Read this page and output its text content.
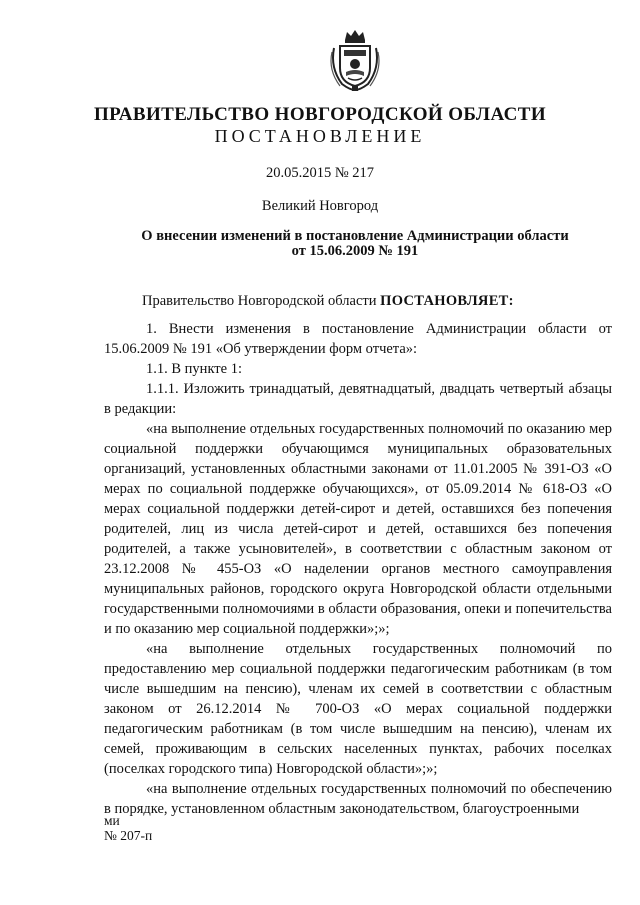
ПРАВИТЕЛЬСТВО НОВГОРОДСКОЙ ОБЛАСТИ
ПОСТАНОВЛЕНИЕ
20.05.2015 № 217
Великий Новгород
О внесении изменений в постановление Администрации области
от 15.06.2009 № 191

Правительство Новгородской области ПОСТАНОВЛЯЕТ:

1. Внести изменения в постановление Администрации области от 15.06.2009 № 191 «Об утверждении форм отчета»:

1.1. В пункте 1:

1.1.1. Изложить тринадцатый, девятнадцатый, двадцать четвертый абзацы в редакции:

«на выполнение отдельных государственных полномочий по оказанию мер социальной поддержки обучающимся муниципальных образовательных организаций, установленных областными законами от 11.01.2005 № 391-ОЗ «О мерах по социальной поддержке обучающихся», от 05.09.2014 № 618-ОЗ «О мерах социальной поддержки детей-сирот и детей, оставшихся без попечения родителей, лиц из числа детей-сирот и детей, оставшихся без попечения родителей, а также усыновителей», в соответствии с областным законом от 23.12.2008 № 455-ОЗ «О наделении органов местного самоуправления муниципальных районов, городского округа Новгородской области отдельными государственными полномочиями в области образования, опеки и попечительства и по оказанию мер социальной поддержки»;»;

«на выполнение отдельных государственных полномочий по предоставлению мер социальной поддержки педагогическим работникам (в том числе вышедшим на пенсию), членам их семей в соответствии с областным законом от 26.12.2014 № 700-ОЗ «О мерах социальной поддержки педагогическим работникам (в том числе вышедшим на пенсию), членам их семей, проживающим в сельских населенных пунктах, рабочих поселках (поселках городского типа) Новгородской области»;»;

«на выполнение отдельных государственных полномочий по обеспечению в порядке, установленном областным законодательством, благоустроенными

ми
№ 207-п
